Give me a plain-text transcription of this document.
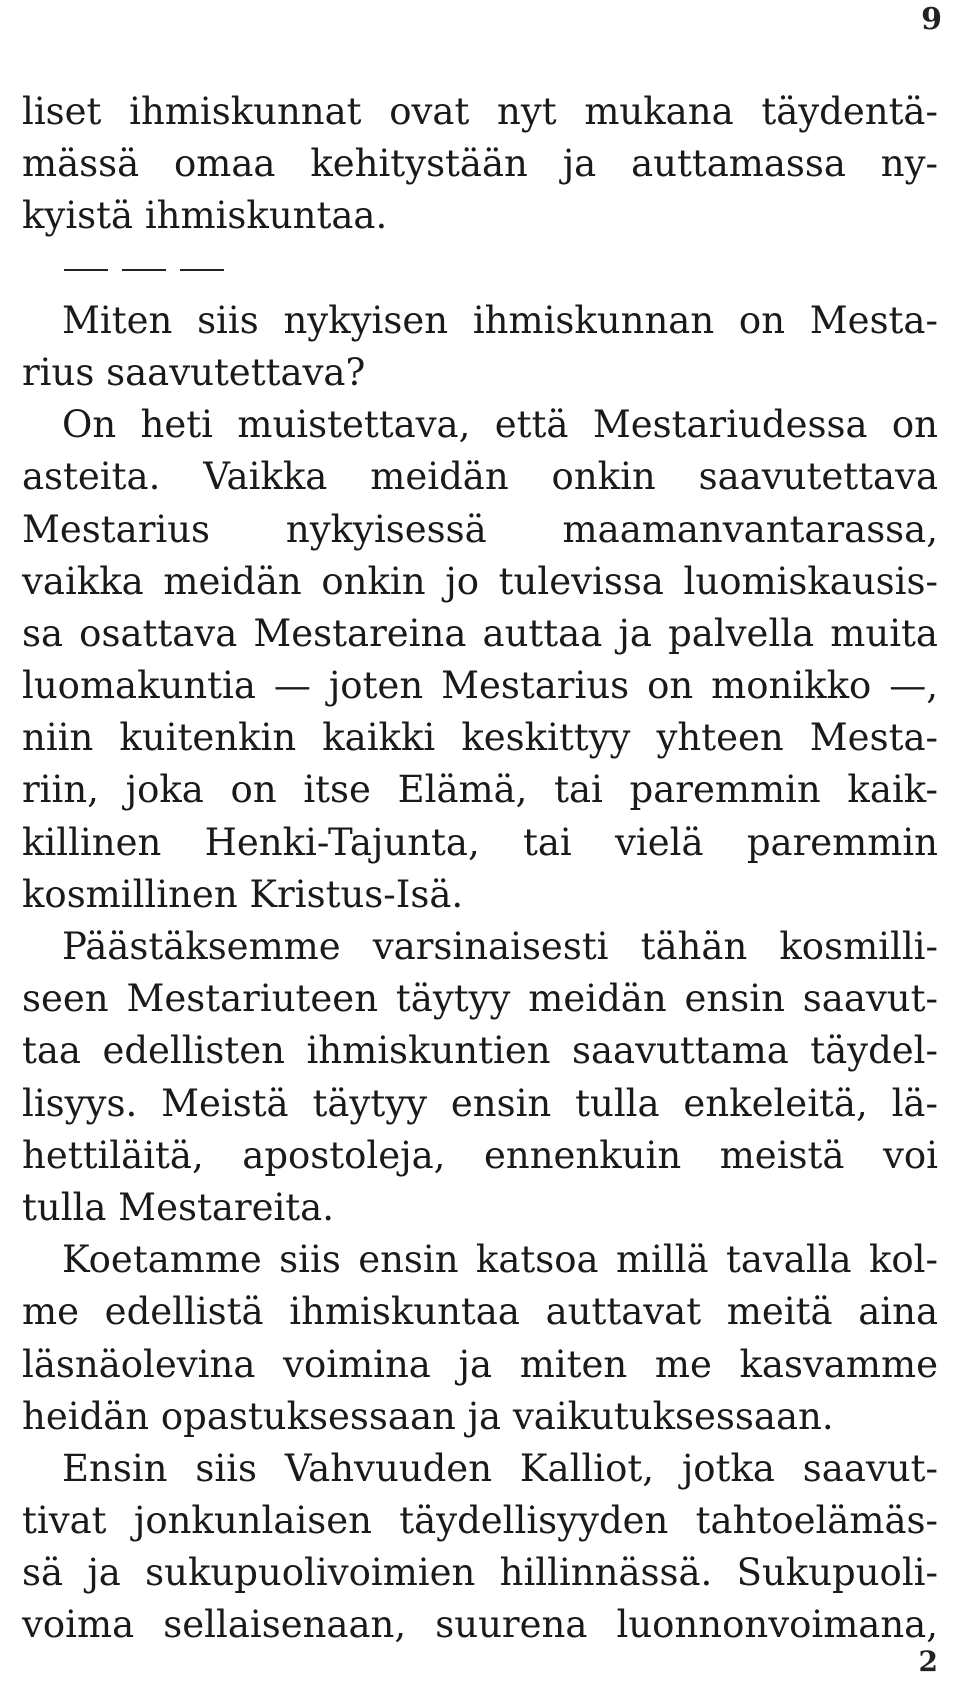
9
liset ihmiskunnat ovat nyt mukana täydentä-
mässä omaa kehitystään ja auttamassa ny-
kyistä ihmiskuntaa.
Miten siis nykyisen ihmiskunnan on Mesta-
rius saavutettava?
On heti muistettava, että Mestariudessa on
asteita. Vaikka meidän onkin saavutettava
Mestarius nykyisessä maamanvantarassa,
vaikka meidän onkin jo tulevissa luomiskausis-
sa osattava Mestareina auttaa ja palvella muita
luomakuntia — joten Mestarius on monikko —,
niin kuitenkin kaikki keskittyy yhteen Mesta-
riin, joka on itse Elämä, tai paremmin kaik-
killinen Henki-Tajunta, tai vielä paremmin
kosmillinen Kristus-Isä.
Päästäksemme varsinaisesti tähän kosmilli-
seen Mestariuteen täytyy meidän ensin saavut-
taa edellisten ihmiskuntien saavuttama täydel-
lisyys. Meistä täytyy ensin tulla enkeleitä, lä-
hettiläitä, apostoleja, ennenkuin meistä voi
tulla Mestareita.
Koetamme siis ensin katsoa millä tavalla kol-
me edellistä ihmiskuntaa auttavat meitä aina
läsnäolevina voimina ja miten me kasvamme
heidän opastuksessaan ja vaikutuksessaan.
Ensin siis Vahvuuden Kalliot, jotka saavut-
tivat jonkunlaisen täydellisyyden tahtoelämäs-
sä ja sukupuolivoimien hillinnässä. Sukupuoli-
voima sellaisenaan, suurena luonnonvoimana,
2
